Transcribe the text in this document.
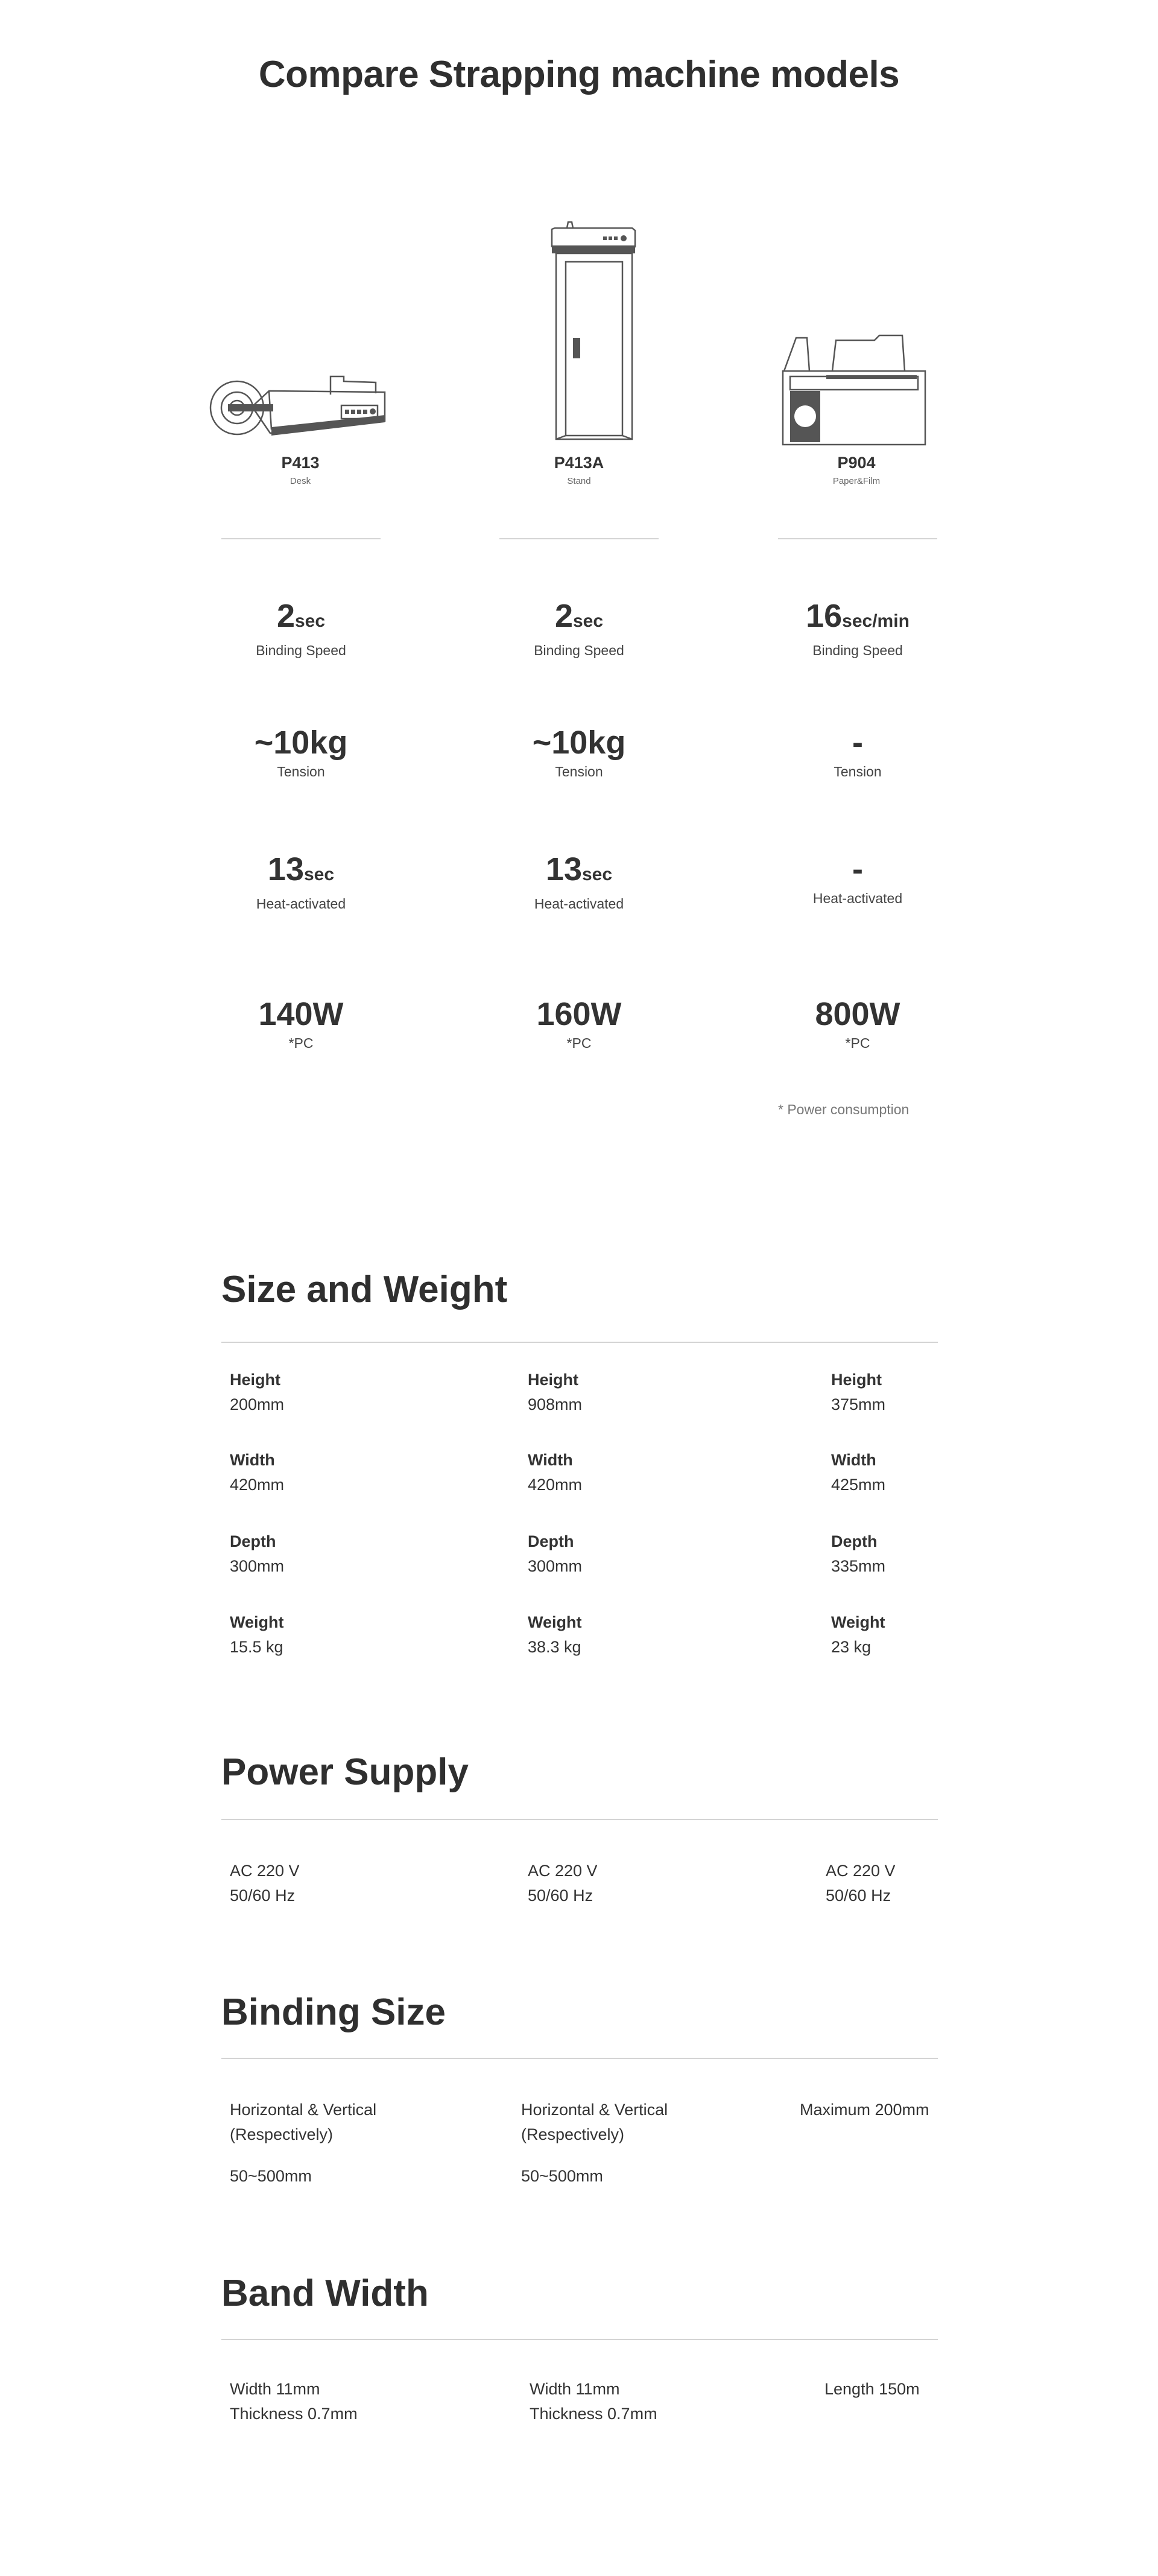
Compare Strapping machine models
P413
Desk
P413A
Stand
P904
Paper&Film
2sec
Binding Speed
2sec
Binding Speed
16sec/min
Binding Speed
~10kg
Tension
~10kg
Tension
-
Tension
13sec
Heat-activated
13sec
Heat-activated
-
Heat-activated
140W
*PC
160W
*PC
800W
*PC
* Power consumption
Size and Weight
Height
200mm
Width
420mm
Depth
300mm
Weight
15.5 kg
Height
908mm
Width
420mm
Depth
300mm
Weight
38.3 kg
Height
375mm
Width
425mm
Depth
335mm
Weight
23 kg
Power Supply
AC 220 V
50/60 Hz
AC 220 V
50/60 Hz
AC 220 V
50/60 Hz
Binding Size
Horizontal & Vertical
(Respectively)
50~500mm
Horizontal & Vertical
(Respectively)
50~500mm
Maximum 200mm
Band Width
Width 11mm
Thickness 0.7mm
Width 11mm
Thickness 0.7mm
Length 150m
